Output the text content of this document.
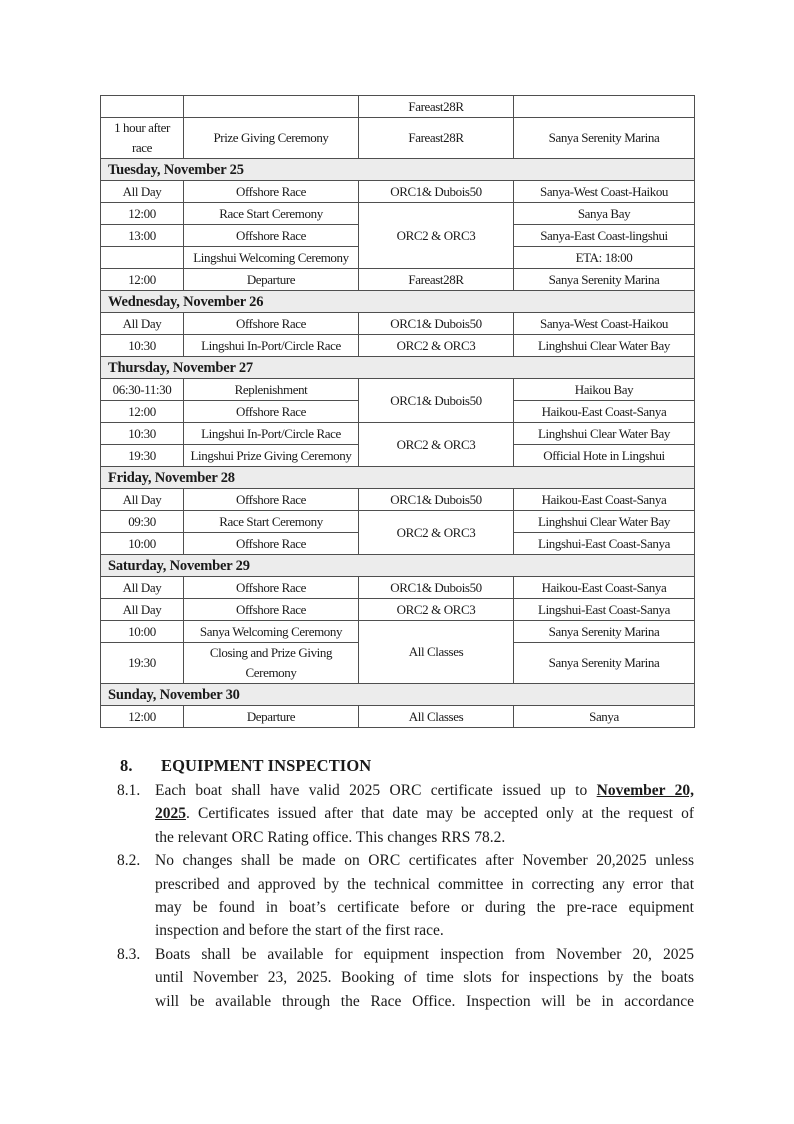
		Fareast28R	
1 hour after race	Prize Giving Ceremony	Fareast28R	Sanya Serenity Marina
Tuesday, November 25			
All Day	Offshore Race	ORC1& Dubois50	Sanya-West Coast-Haikou
12:00	Race Start Ceremony	ORC2 & ORC3	Sanya Bay
13:00	Offshore Race		Sanya-East Coast-lingshui
	Lingshui Welcoming Ceremony		ETA: 18:00
12:00	Departure	Fareast28R	Sanya Serenity Marina
Wednesday, November 26			
All Day	Offshore Race	ORC1& Dubois50	Sanya-West Coast-Haikou
10:30	Lingshui In-Port/Circle Race	ORC2 & ORC3	Linghshui Clear Water Bay
Thursday, November 27			
06:30-11:30	Replenishment	ORC1& Dubois50	Haikou Bay
12:00	Offshore Race		Haikou-East Coast-Sanya
10:30	Lingshui In-Port/Circle Race	ORC2 & ORC3	Linghshui Clear Water Bay
19:30	Lingshui Prize Giving Ceremony		Official Hote in Lingshui
Friday, November 28			
All Day	Offshore Race	ORC1& Dubois50	Haikou-East Coast-Sanya
09:30	Race Start Ceremony	ORC2 & ORC3	Linghshui Clear Water Bay
10:00	Offshore Race		Lingshui-East Coast-Sanya
Saturday, November 29			
All Day	Offshore Race	ORC1& Dubois50	Haikou-East Coast-Sanya
All Day	Offshore Race	ORC2 & ORC3	Lingshui-East Coast-Sanya
10:00	Sanya Welcoming Ceremony	All Classes	Sanya Serenity Marina
19:30	Closing and Prize Giving Ceremony		Sanya Serenity Marina
Sunday, November 30			
12:00	Departure	All Classes	Sanya
8. EQUIPMENT INSPECTION
8.1. Each boat shall have valid 2025 ORC certificate issued up to November 20,
2025. Certificates issued after that date may be accepted only at the request of
the relevant ORC Rating office. This changes RRS 78.2.
8.2. No changes shall be made on ORC certificates after November 20,2025 unless
prescribed and approved by the technical committee in correcting any error that
may be found in boat’s certificate before or during the pre-race equipment
inspection and before the start of the first race.
8.3. Boats shall be available for equipment inspection from November 20, 2025
until November 23, 2025. Booking of time slots for inspections by the boats
will be available through the Race Office. Inspection will be in accordance
